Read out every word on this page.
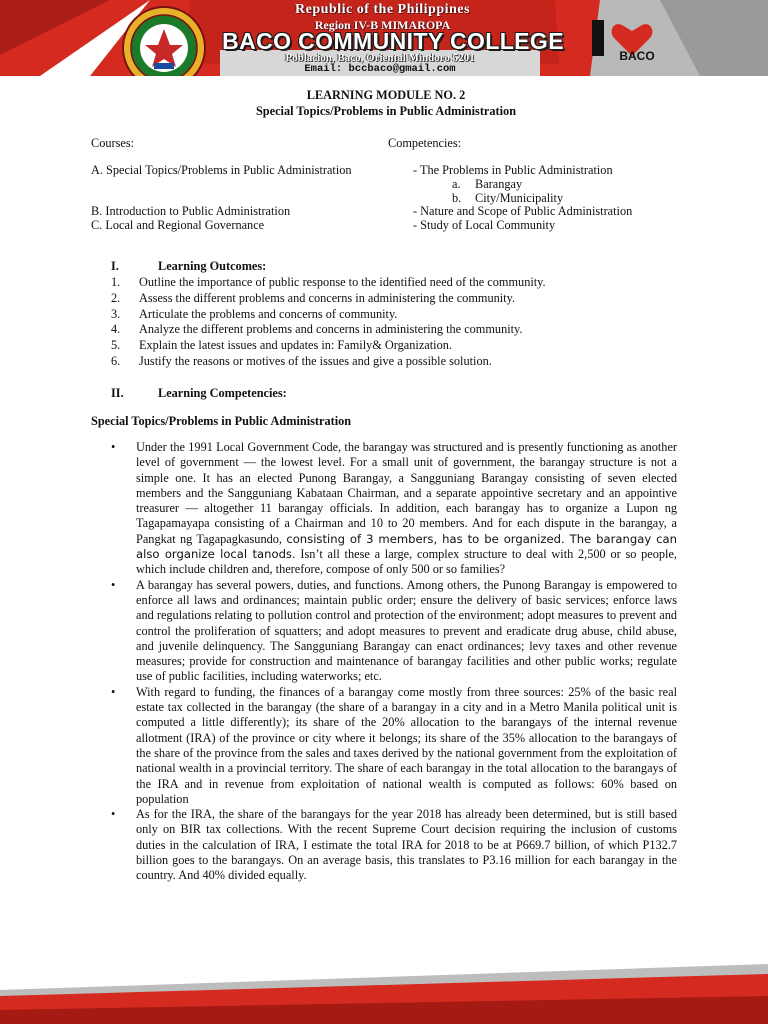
Republic of the Philippines
Region IV-B MIMAROPA
BACO COMMUNITY COLLEGE
Poblacion, Baco, Oriental Mindoro 5201
Email: bccbaco@gmail.com
BACO
LEARNING MODULE NO. 2
Special Topics/Problems in Public Administration
Courses:	Competencies:
A. Special Topics/Problems in Public Administration	- The Problems in Public Administration
a. Barangay
b. City/Municipality
B. Introduction to Public Administration	- Nature and Scope of Public Administration
C. Local and Regional Governance	- Study of Local Community
I.	Learning Outcomes:
1. Outline the importance of public response to the identified need of the community.
2. Assess the different problems and concerns in administering the community.
3. Articulate the problems and concerns of community.
4. Analyze the different problems and concerns in administering the community.
5. Explain the latest issues and updates in: Family& Organization.
6. Justify the reasons or motives of the issues and give a possible solution.
II.	Learning Competencies:
Special Topics/Problems in Public Administration
• Under the 1991 Local Government Code, the barangay was structured and is presently functioning as another level of government — the lowest level. For a small unit of government, the barangay structure is not a simple one. It has an elected Punong Barangay, a Sangguniang Barangay consisting of seven elected members and the Sangguniang Kabataan Chairman, and a separate appointive secretary and an appointive treasurer — altogether 11 barangay officials. In addition, each barangay has to organize a Lupon ng Tagapamayapa consisting of a Chairman and 10 to 20 members. And for each dispute in the barangay, a Pangkat ng Tagapagkasundo, consisting of 3 members, has to be organized. The barangay can also organize local tanods. Isn’t all these a large, complex structure to deal with 2,500 or so people, which include children and, therefore, compose of only 500 or so families?
• A barangay has several powers, duties, and functions. Among others, the Punong Barangay is empowered to enforce all laws and ordinances; maintain public order; ensure the delivery of basic services; enforce laws and regulations relating to pollution control and protection of the environment; adopt measures to prevent and control the proliferation of squatters; and adopt measures to prevent and eradicate drug abuse, child abuse, and juvenile delinquency. The Sangguniang Barangay can enact ordinances; levy taxes and other revenue measures; provide for construction and maintenance of barangay facilities and other public works; regulate use of public facilities, including waterworks; etc.
• With regard to funding, the finances of a barangay come mostly from three sources: 25% of the basic real estate tax collected in the barangay (the share of a barangay in a city and in a Metro Manila political unit is computed a little differently); its share of the 20% allocation to the barangays of the internal revenue allotment (IRA) of the province or city where it belongs; its share of the 35% allocation to the barangays of the share of the province from the sales and taxes derived by the national government from the exploitation of national wealth in a provincial territory. The share of each barangay in the total allocation to the barangays of the IRA and in revenue from exploitation of national wealth is computed as follows: 60% based on population
• As for the IRA, the share of the barangays for the year 2018 has already been determined, but is still based only on BIR tax collections. With the recent Supreme Court decision requiring the inclusion of customs duties in the calculation of IRA, I estimate the total IRA for 2018 to be at P669.7 billion, of which P132.7 billion goes to the barangays. On an average basis, this translates to P3.16 million for each barangay in the country. And 40% divided equally.
